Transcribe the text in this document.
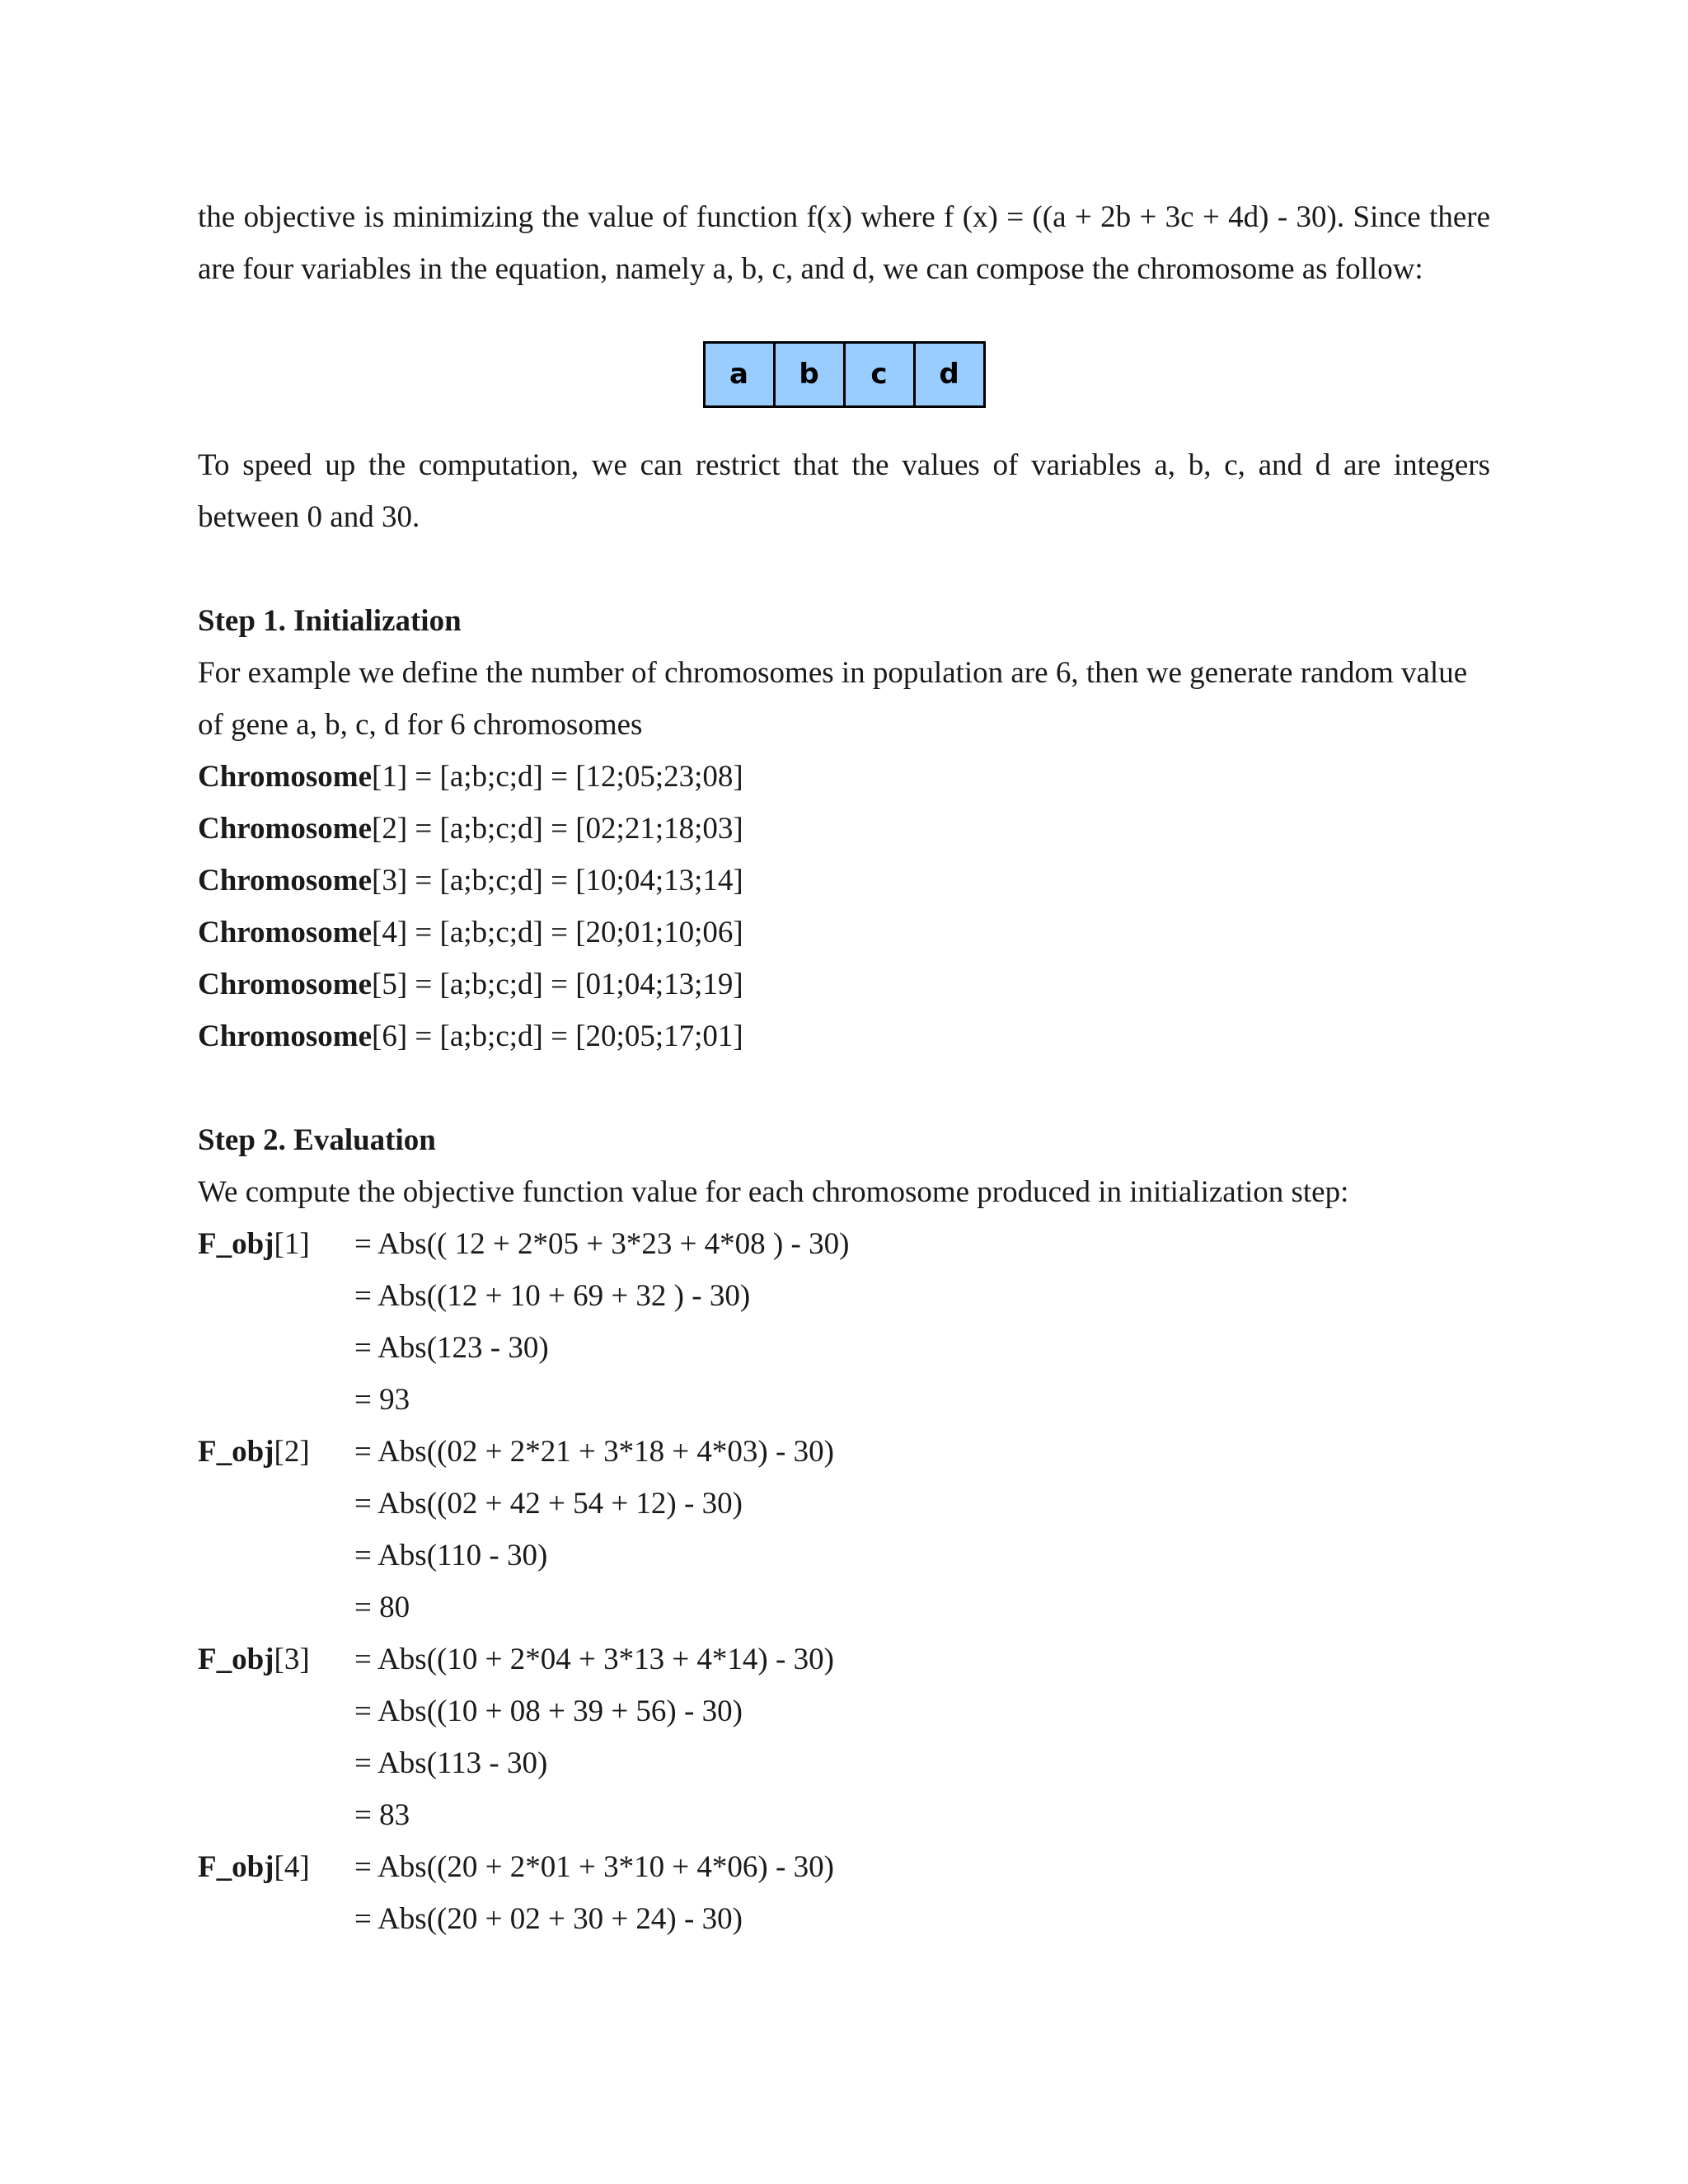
the objective is minimizing the value of function f(x) where f (x) = ((a + 2b + 3c + 4d) - 30). Since there
are four variables in the equation, namely a, b, c, and d, we can compose the chromosome as follow:
a	b	c	d
To speed up the computation, we can restrict that the values of variables a, b, c, and d are integers
between 0 and 30.
Step 1. Initialization
For example we define the number of chromosomes in population are 6, then we generate random value
of gene a, b, c, d for 6 chromosomes
Chromosome[1] = [a;b;c;d] = [12;05;23;08]
Chromosome[2] = [a;b;c;d] = [02;21;18;03]
Chromosome[3] = [a;b;c;d] = [10;04;13;14]
Chromosome[4] = [a;b;c;d] = [20;01;10;06]
Chromosome[5] = [a;b;c;d] = [01;04;13;19]
Chromosome[6] = [a;b;c;d] = [20;05;17;01]
Step 2. Evaluation
We compute the objective function value for each chromosome produced in initialization step:
F_obj[1]	= Abs(( 12 + 2*05 + 3*23 + 4*08 ) - 30)
= Abs((12 + 10 + 69 + 32 ) - 30)
= Abs(123 - 30)
= 93
F_obj[2]	= Abs((02 + 2*21 + 3*18 + 4*03) - 30)
= Abs((02 + 42 + 54 + 12) - 30)
= Abs(110 - 30)
= 80
F_obj[3]	= Abs((10 + 2*04 + 3*13 + 4*14) - 30)
= Abs((10 + 08 + 39 + 56) - 30)
= Abs(113 - 30)
= 83
F_obj[4]	= Abs((20 + 2*01 + 3*10 + 4*06) - 30)
= Abs((20 + 02 + 30 + 24) - 30)
